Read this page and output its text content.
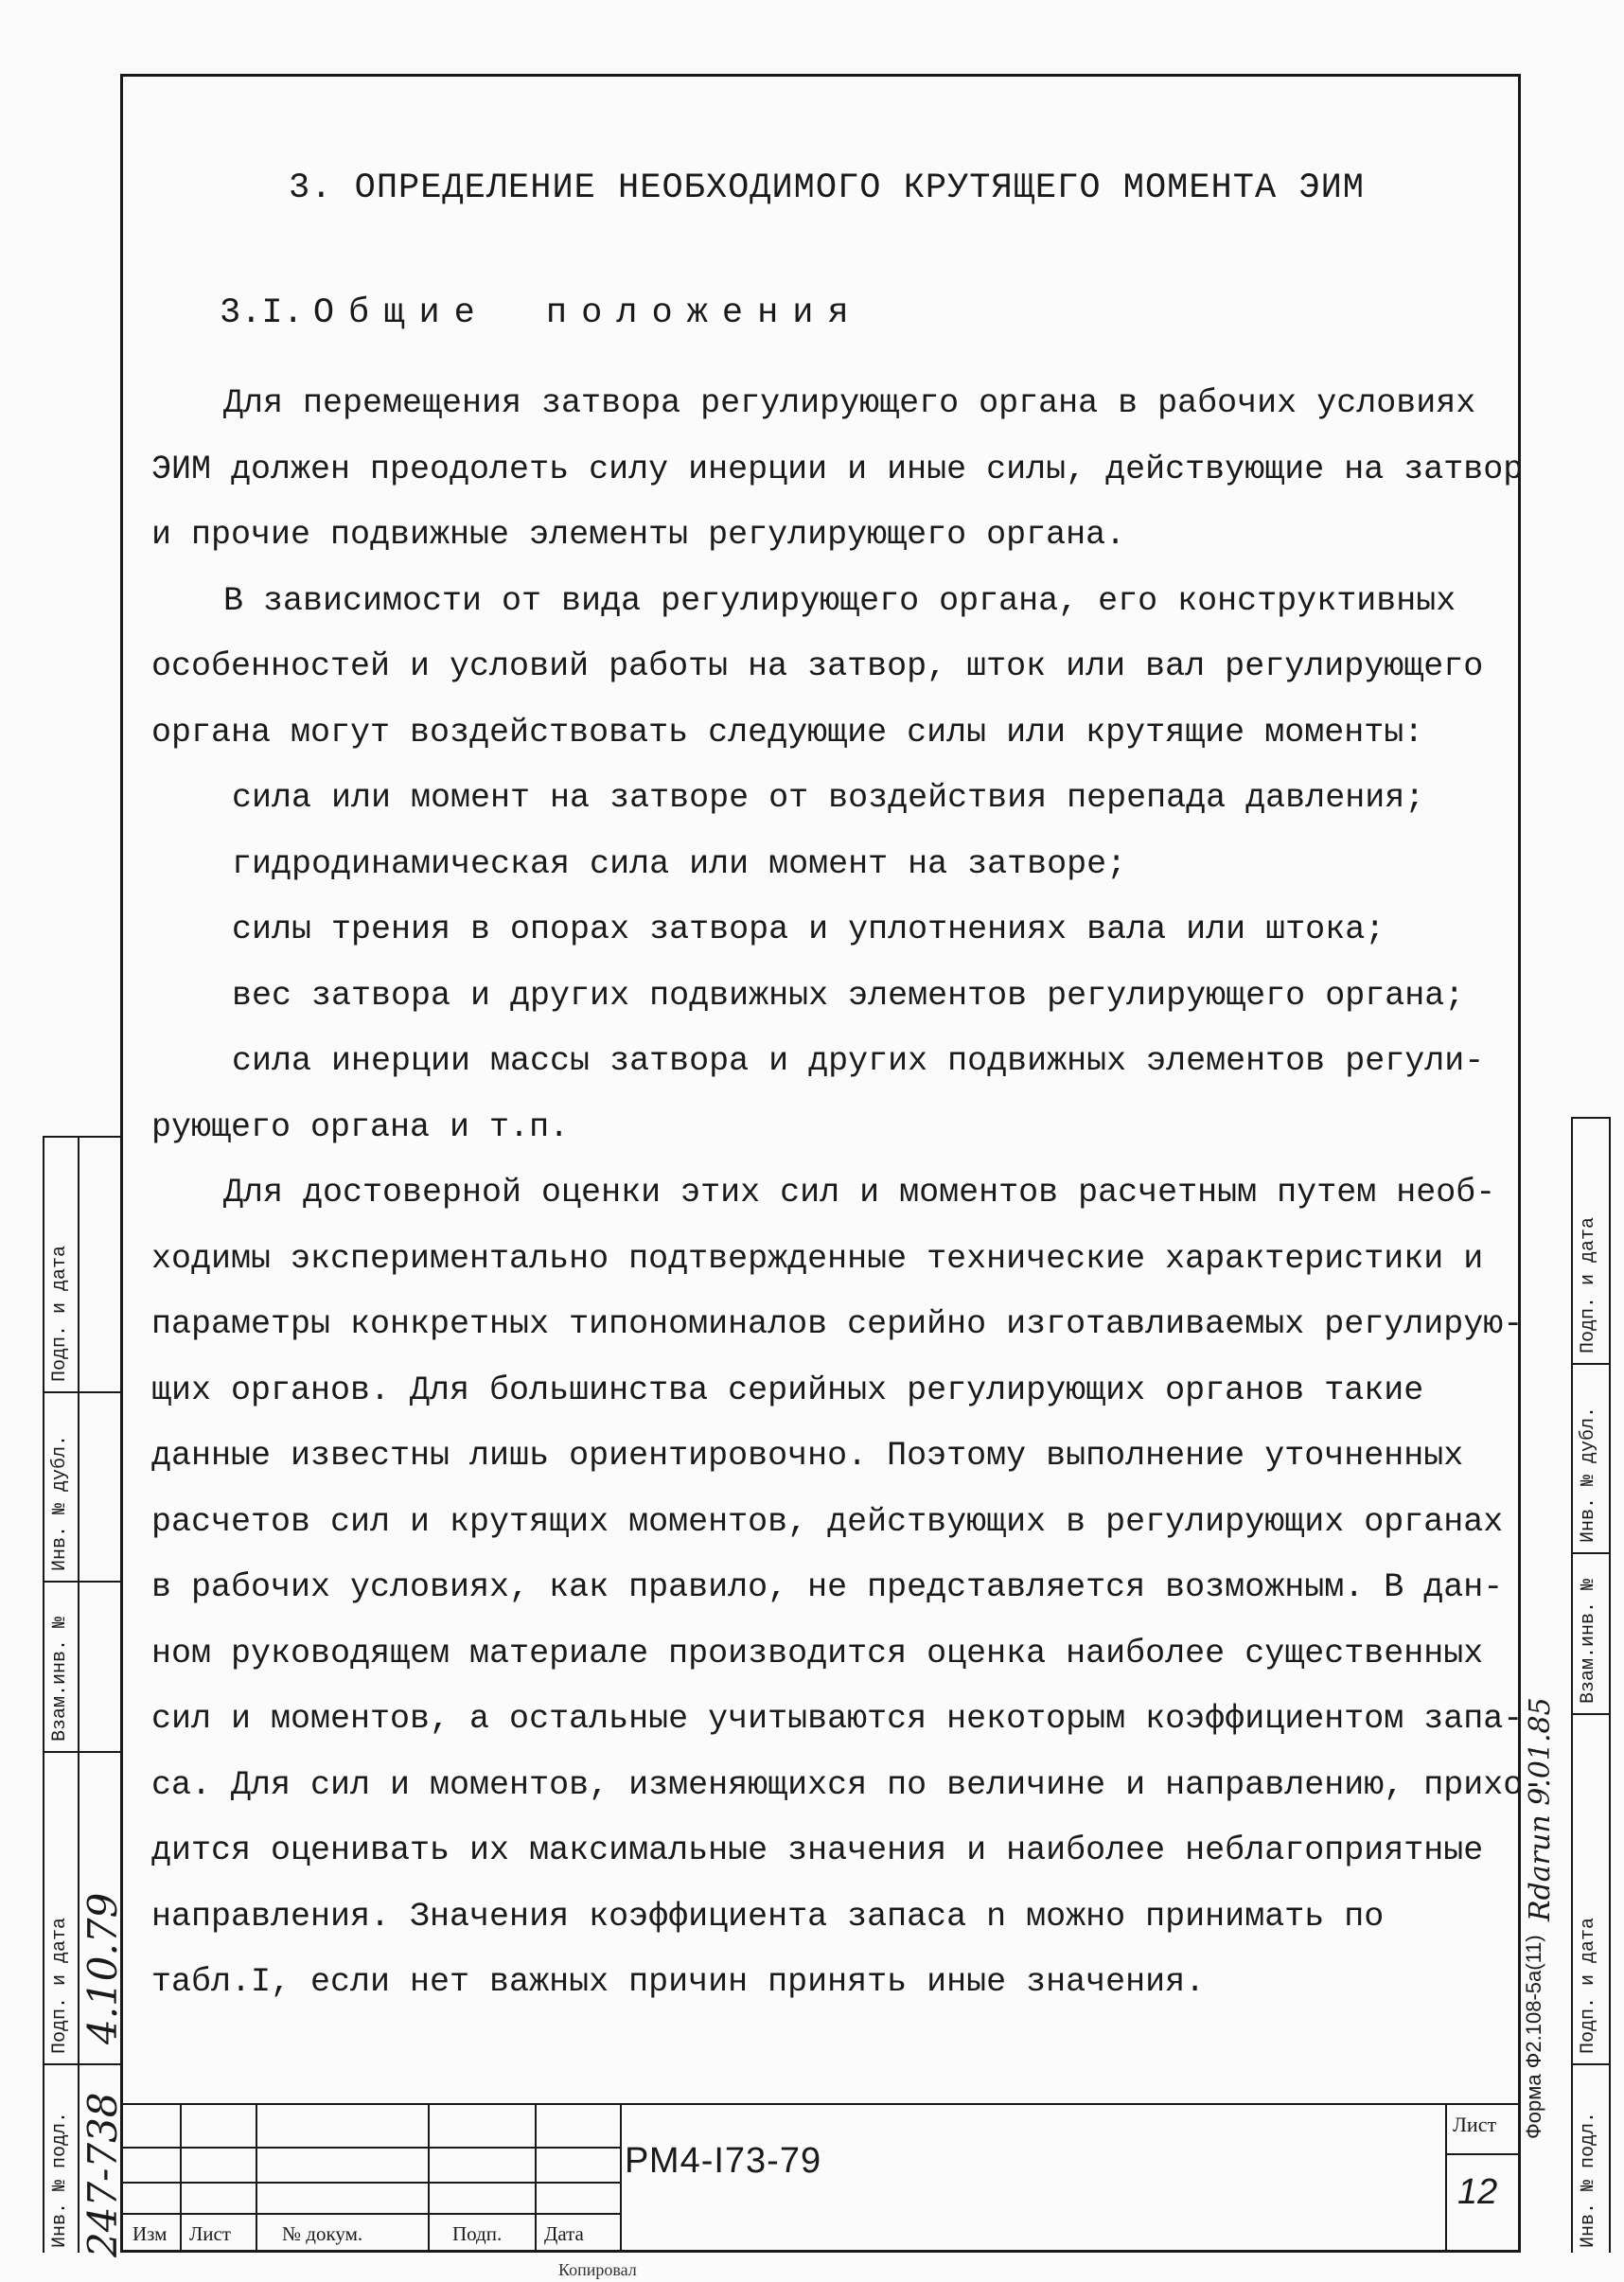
3. ОПРЕДЕЛЕНИЕ НЕОБХОДИМОГО КРУТЯЩЕГО МОМЕНТА ЭИМ
3.I. Общие положения

Для перемещения затвора регулирующего органа в рабочих условиях
ЭИМ должен преодолеть силу инерции и иные силы, действующие на затвор
и прочие подвижные элементы регулирующего органа.

В зависимости от вида регулирующего органа, его конструктивных
особенностей и условий работы на затвор, шток или вал регулирующего
органа могут воздействовать следующие силы или крутящие моменты:

сила или момент на затворе от воздействия перепада давления;
гидродинамическая сила или момент на затворе;
силы трения в опорах затвора и уплотнениях вала или штока;
вес затвора и других подвижных элементов регулирующего органа;
сила инерции массы затвора и других подвижных элементов регули-
рующего органа и т.п.

Для достоверной оценки этих сил и моментов расчетным путем необ-
ходимы экспериментально подтвержденные технические характеристики и
параметры конкретных типономиналов серийно изготавливаемых регулирую-
щих органов. Для большинства серийных регулирующих органов такие
данные известны лишь ориентировочно. Поэтому выполнение уточненных
расчетов сил и крутящих моментов, действующих в регулирующих органах
в рабочих условиях, как правило, не представляется возможным. В дан-
ном руководящем материале производится оценка наиболее существенных
сил и моментов, а остальные учитываются некоторым коэффициентом запа-
са. Для сил и моментов, изменяющихся по величине и направлению, прихо-
дится оценивать их максимальные значения и наиболее неблагоприятные
направления. Значения коэффициента запаса n можно принимать по
табл.I, если нет важных причин принять иные значения.

Изм Лист	№ докум.	Подп. Дата
РМ4-I73-79
Лист
12
Копировал
Инв. № подл.
Подп. и дата
Взам.инв. №
Инв. № дубл.
Подп. и дата
247-738
4.10.79
Подп. и дата
Инв. № дубл.
Взам.инв. №
Подп. и дата
Инв. № подл.
Форма Ф2.108-5а(11)
Rdarun 9.01.85
